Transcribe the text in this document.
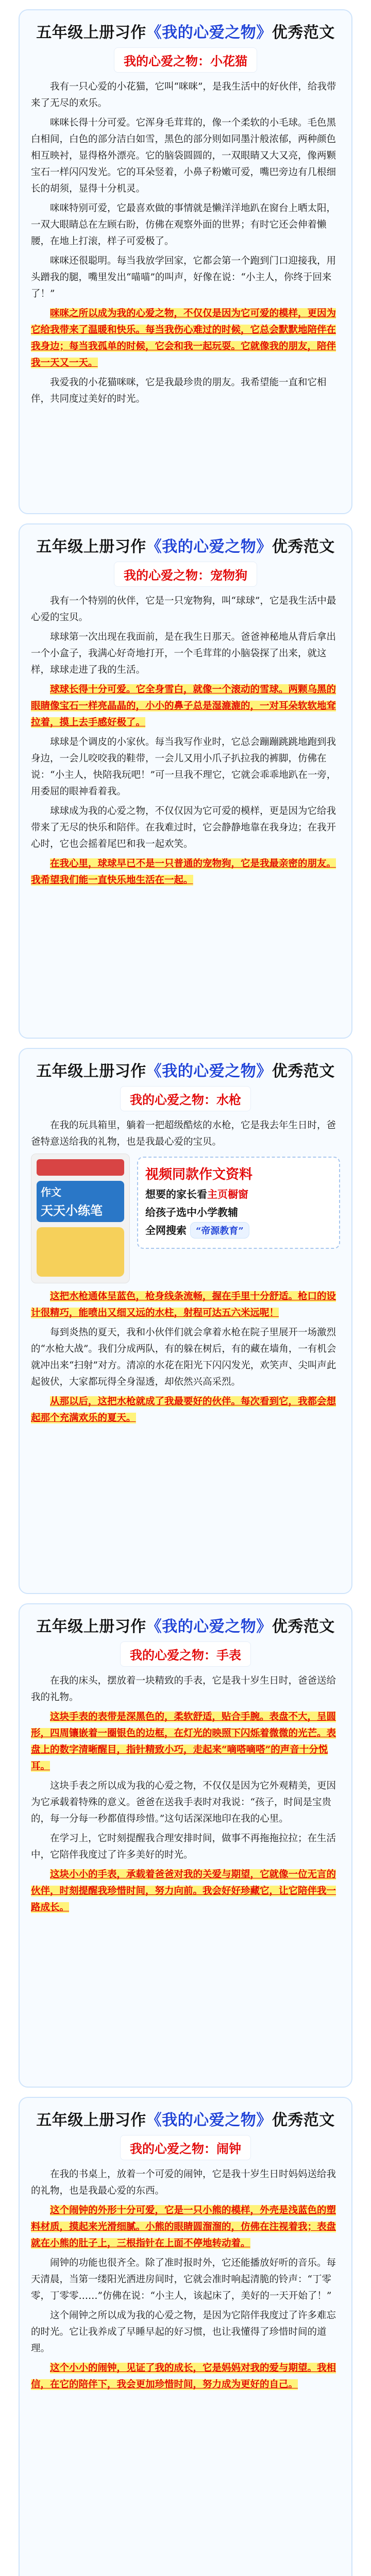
五年级上册习作《我的心爱之物》优秀范文
我的心爱之物：小花猫
我有一只心爱的小花猫，它叫“咪咪”，是我生活中的好伙伴，给我带来了无尽的欢乐。
咪咪长得十分可爱。它浑身毛茸茸的，像一个柔软的小毛球。毛色黑白相间，白色的部分洁白如雪，黑色的部分则如同墨汁般浓郁，两种颜色相互映衬，显得格外漂亮。它的脑袋圆圆的，一双眼睛又大又亮，像两颗宝石一样闪闪发光。它的耳朵竖着，小鼻子粉嫩可爱，嘴巴旁边有几根细长的胡须，显得十分机灵。
咪咪特别可爱，它最喜欢做的事情就是懒洋洋地趴在窗台上晒太阳，一双大眼睛总在左顾右盼，仿佛在观察外面的世界；有时它还会伸着懒腰，在地上打滚，样子可爱极了。
咪咪还很聪明。每当我放学回家，它都会第一个跑到门口迎接我，用头蹭我的腿，嘴里发出“喵喵”的叫声，好像在说：“小主人，你终于回来了！”
咪咪之所以成为我的心爱之物，不仅仅是因为它可爱的模样，更因为它给我带来了温暖和快乐。每当我伤心难过的时候，它总会默默地陪伴在我身边；每当我孤单的时候，它会和我一起玩耍。它就像我的朋友，陪伴我一天又一天。
我爱我的小花猫咪咪，它是我最珍贵的朋友。我希望能一直和它相伴，共同度过美好的时光。
五年级上册习作《我的心爱之物》优秀范文
我的心爱之物：宠物狗
我有一个特别的伙伴，它是一只宠物狗，叫“球球”，它是我生活中最心爱的宝贝。
球球第一次出现在我面前，是在我生日那天。爸爸神秘地从背后拿出一个小盒子，我满心好奇地打开，一个毛茸茸的小脑袋探了出来，就这样，球球走进了我的生活。
球球长得十分可爱。它全身雪白，就像一个滚动的雪球。两颗乌黑的眼睛像宝石一样亮晶晶的，小小的鼻子总是湿漉漉的，一对耳朵软软地耷拉着，摸上去手感好极了。
球球是个调皮的小家伙。每当我写作业时，它总会蹦蹦跳跳地跑到我身边，一会儿咬咬我的鞋带，一会儿又用小爪子扒拉我的裤脚，仿佛在说：“小主人，快陪我玩吧！”可一旦我不理它，它就会乖乖地趴在一旁，用委屈的眼神看着我。
球球成为我的心爱之物，不仅仅因为它可爱的模样，更是因为它给我带来了无尽的快乐和陪伴。在我难过时，它会静静地靠在我身边；在我开心时，它也会摇着尾巴和我一起欢笑。
在我心里，球球早已不是一只普通的宠物狗，它是我最亲密的朋友。我希望我们能一直快乐地生活在一起。
五年级上册习作《我的心爱之物》优秀范文
我的心爱之物：水枪
在我的玩具箱里，躺着一把超级酷炫的水枪，它是我去年生日时，爸爸特意送给我的礼物，也是我最心爱的宝贝。
作文
天天小练笔
视频同款作文资料
想要的家长看主页橱窗
给孩子选中小学教辅
全网搜索 “帝源教育”
这把水枪通体呈蓝色，枪身线条流畅，握在手里十分舒适。枪口的设计很精巧，能喷出又细又远的水柱，射程可达五六米远呢！
每到炎热的夏天，我和小伙伴们就会拿着水枪在院子里展开一场激烈的“水枪大战”。我们分成两队，有的躲在树后，有的藏在墙角，一有机会就冲出来“扫射”对方。清凉的水花在阳光下闪闪发光，欢笑声、尖叫声此起彼伏，大家都玩得全身湿透，却依然兴高采烈。
从那以后，这把水枪就成了我最要好的伙伴。每次看到它，我都会想起那个充满欢乐的夏天。
五年级上册习作《我的心爱之物》优秀范文
我的心爱之物：手表
在我的床头，摆放着一块精致的手表，它是我十岁生日时，爸爸送给我的礼物。
这块手表的表带是深黑色的，柔软舒适，贴合手腕。表盘不大，呈圆形，四周镶嵌着一圈银色的边框，在灯光的映照下闪烁着微微的光芒。表盘上的数字清晰醒目，指针精致小巧，走起来“嘀嗒嘀嗒”的声音十分悦耳。
这块手表之所以成为我的心爱之物，不仅仅是因为它外观精美，更因为它承载着特殊的意义。爸爸在送我手表时对我说：“孩子，时间是宝贵的，每一分每一秒都值得珍惜。”这句话深深地印在我的心里。
在学习上，它时刻提醒我合理安排时间，做事不再拖拖拉拉；在生活中，它陪伴我度过了许多美好的时光。
这块小小的手表，承载着爸爸对我的关爱与期望，它就像一位无言的伙伴，时刻提醒我珍惜时间，努力向前。我会好好珍藏它，让它陪伴我一路成长。
五年级上册习作《我的心爱之物》优秀范文
我的心爱之物：闹钟
在我的书桌上，放着一个可爱的闹钟，它是我十岁生日时妈妈送给我的礼物，也是我最心爱的东西。
这个闹钟的外形十分可爱，它是一只小熊的模样，外壳是浅蓝色的塑料材质，摸起来光滑细腻。小熊的眼睛圆溜溜的，仿佛在注视着我；表盘就在小熊的肚子上，三根指针在上面不停地转动着。
闹钟的功能也很齐全。除了准时报时外，它还能播放好听的音乐。每天清晨，当第一缕阳光洒进房间时，它就会准时响起清脆的铃声：“丁零零，丁零零……”仿佛在说：“小主人，该起床了，美好的一天开始了！”
这个闹钟之所以成为我的心爱之物，是因为它陪伴我度过了许多难忘的时光。它让我养成了早睡早起的好习惯，也让我懂得了珍惜时间的道理。
这个小小的闹钟，见证了我的成长，它是妈妈对我的爱与期望。我相信，在它的陪伴下，我会更加珍惜时间，努力成为更好的自己。
